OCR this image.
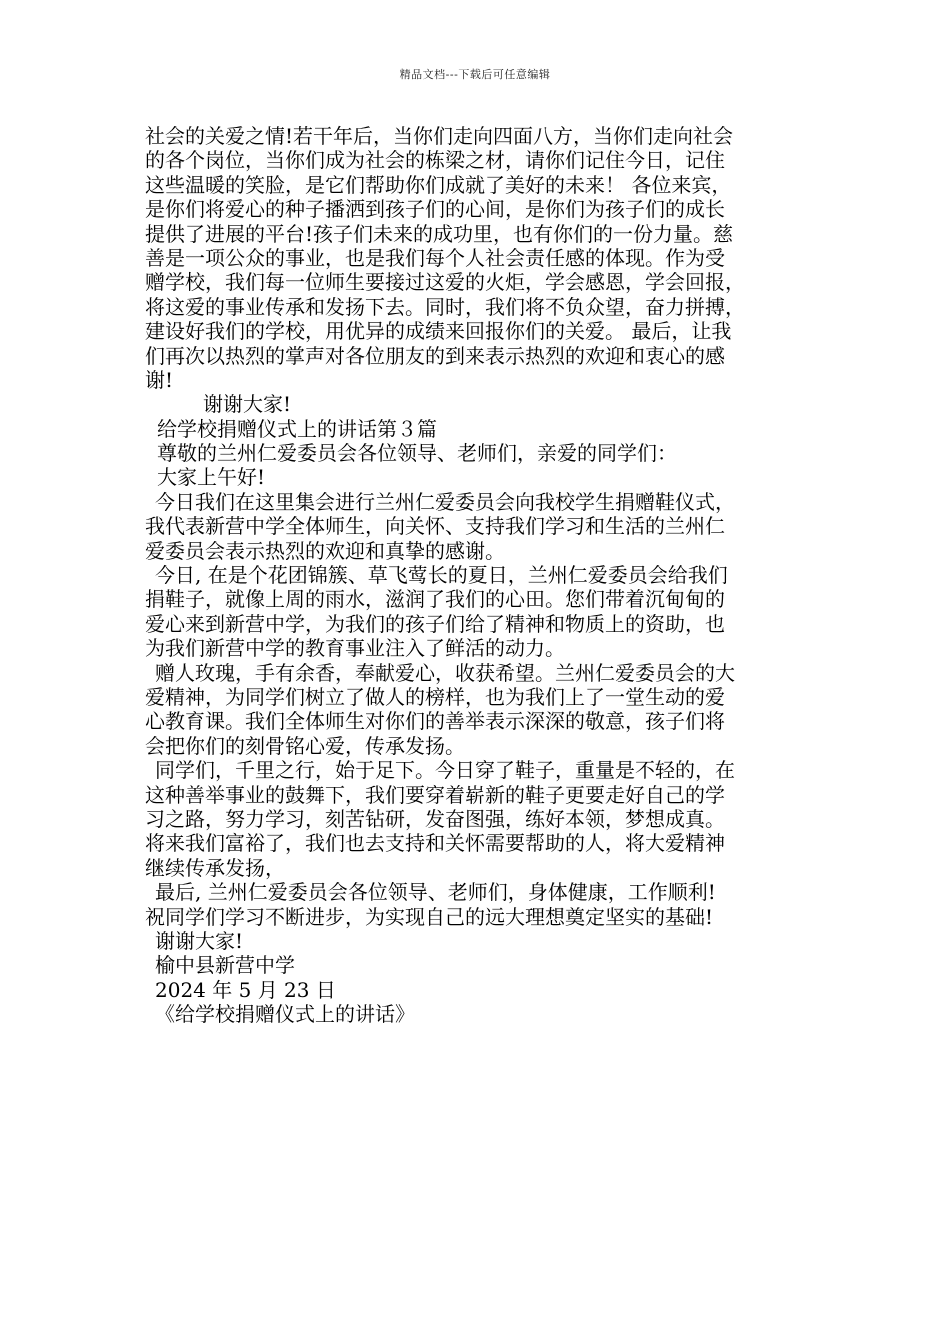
精品文档---下载后可任意编辑
社会的关爱之情!若干年后，当你们走向四面八方，当你们走向社会
的各个岗位，当你们成为社会的栋梁之材，请你们记住今日，记住
这些温暖的笑脸，是它们帮助你们成就了美好的未来！ 各位来宾，
是你们将爱心的种子播洒到孩子们的心间，是你们为孩子们的成长
提供了进展的平台!孩子们未来的成功里，也有你们的一份力量。慈
善是一项公众的事业，也是我们每个人社会责任感的体现。作为受
赠学校，我们每一位师生要接过这爱的火炬，学会感恩，学会回报，
将这爱的事业传承和发扬下去。同时，我们将不负众望，奋力拼搏，
建设好我们的学校，用优异的成绩来回报你们的关爱。 最后，让我
们再次以热烈的掌声对各位朋友的到来表示热烈的欢迎和衷心的感
谢!
谢谢大家!
给学校捐赠仪式上的讲话第３篇
尊敬的兰州仁爱委员会各位领导、老师们，亲爱的同学们：
大家上午好!
今日我们在这里集会进行兰州仁爱委员会向我校学生捐赠鞋仪式，
我代表新营中学全体师生，向关怀、支持我们学习和生活的兰州仁
爱委员会表示热烈的欢迎和真挚的感谢。
今日, 在是个花团锦簇、草飞莺长的夏日，兰州仁爱委员会给我们
捐鞋子，就像上周的雨水，滋润了我们的心田。您们带着沉甸甸的
爱心来到新营中学，为我们的孩子们给了精神和物质上的资助，也
为我们新营中学的教育事业注入了鲜活的动力。
赠人玫瑰，手有余香，奉献爱心，收获希望。兰州仁爱委员会的大
爱精神，为同学们树立了做人的榜样，也为我们上了一堂生动的爱
心教育课。我们全体师生对你们的善举表示深深的敬意，孩子们将
会把你们的刻骨铭心爱，传承发扬。
同学们，千里之行，始于足下。今日穿了鞋子，重量是不轻的，在
这种善举事业的鼓舞下，我们要穿着崭新的鞋子更要走好自己的学
习之路，努力学习，刻苦钻研，发奋图强，练好本领，梦想成真。
将来我们富裕了，我们也去支持和关怀需要帮助的人，将大爱精神
继续传承发扬，
最后, 兰州仁爱委员会各位领导、老师们，身体健康，工作顺利!
祝同学们学习不断进步，为实现自己的远大理想奠定坚实的基础!
谢谢大家!
榆中县新营中学
2024 年 5 月 23 日
《给学校捐赠仪式上的讲话》
